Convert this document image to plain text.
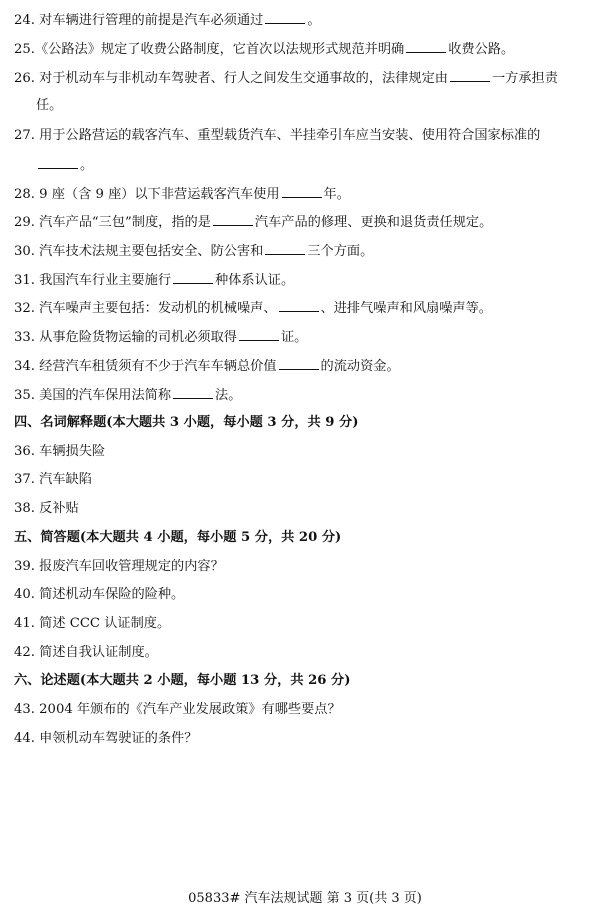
24. 对车辆进行管理的前提是汽车必须通过	。
25.《公路法》规定了收费公路制度，它首次以法规形式规范并明确	收费公路。
26. 对于机动车与非机动车驾驶者、行人之间发生交通事故的，法律规定由	一方承担责
任。
27. 用于公路营运的载客汽车、重型载货汽车、半挂牵引车应当安装、使用符合国家标准的
。
28. 9 座（含 9 座）以下非营运载客汽车使用	年。
29. 汽车产品“三包”制度，指的是	汽车产品的修理、更换和退货责任规定。
30. 汽车技术法规主要包括安全、防公害和	三个方面。
31. 我国汽车行业主要施行	种体系认证。
32. 汽车噪声主要包括：发动机的机械噪声、	、进排气噪声和风扇噪声等。
33. 从事危险货物运输的司机必须取得	证。
34. 经营汽车租赁须有不少于汽车车辆总价值	的流动资金。
35. 美国的汽车保用法简称	法。
四、名词解释题(本大题共 3 小题，每小题 3 分，共 9 分)
36. 车辆损失险
37. 汽车缺陷
38. 反补贴
五、简答题(本大题共 4 小题，每小题 5 分，共 20 分)
39. 报废汽车回收管理规定的内容？
40. 简述机动车保险的险种。
41. 简述 CCC 认证制度。
42. 简述自我认证制度。
六、论述题(本大题共 2 小题，每小题 13 分，共 26 分)
43. 2004 年颁布的《汽车产业发展政策》有哪些要点？
44. 申领机动车驾驶证的条件？
05833# 汽车法规试题 第 3 页(共 3 页)
